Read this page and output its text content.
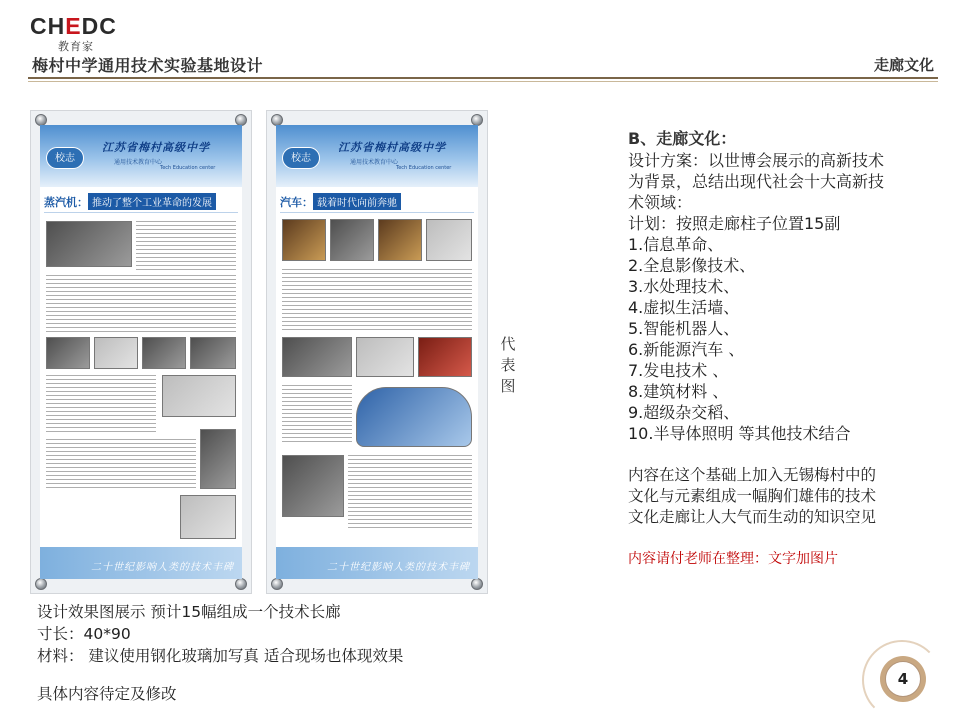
CHEDC
教育家
梅村中学通用技术实验基地设计	走廊文化
校志
江苏省梅村高级中学
通用技术教育中心
Tech Education center
蒸汽机： 推动了整个工业革命的发展
二十世纪影响人类的技术丰碑
校志
江苏省梅村高级中学
通用技术教育中心
Tech Education center
汽车： 载着时代向前奔驰
二十世纪影响人类的技术丰碑
代
表
图
B、走廊文化：
设计方案：以世博会展示的高新技术
为背景，总结出现代社会十大高新技
术领域：
计划：按照走廊柱子位置15副
1.信息革命、
2.全息影像技术、
3.水处理技术、
4.虚拟生活墙、
5.智能机器人、
6.新能源汽车 、
7.发电技术 、
8.建筑材料 、
9.超级杂交稻、
10.半导体照明 等其他技术结合
内容在这个基础上加入无锡梅村中的
文化与元素组成一幅胸们雄伟的技术
文化走廊让人大气而生动的知识空见
内容请付老师在整理：文字加图片
设计效果图展示 预计15幅组成一个技术长廊
寸长：40*90
材料： 建议使用钢化玻璃加写真 适合现场也体现效果
具体内容待定及修改
4
